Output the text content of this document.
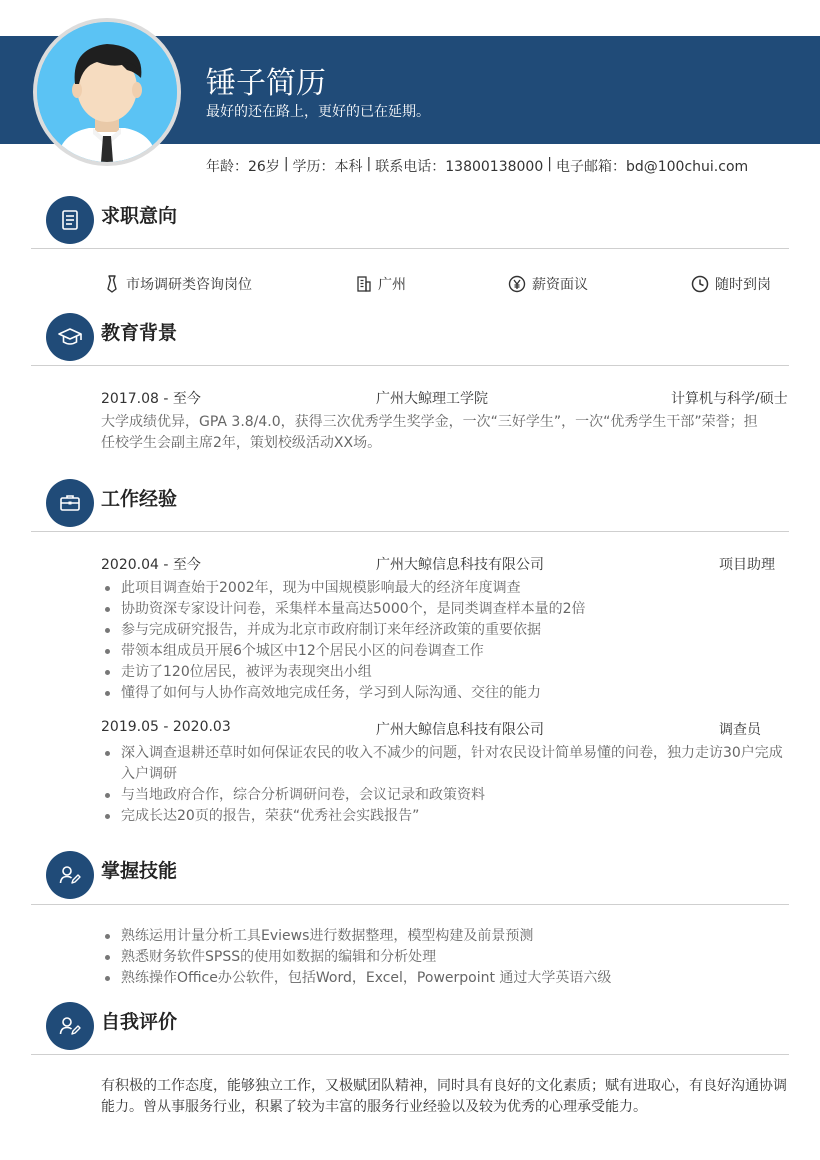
锤子简历
最好的还在路上，更好的已在延期。
年龄：26岁 | 学历：本科 | 联系电话：13800138000 | 电子邮箱：bd@100chui.com
求职意向
市场调研类咨询岗位	广州	薪资面议	随时到岗
教育背景
2017.08 - 至今	广州大鲸理工学院	计算机与科学/硕士
大学成绩优异，GPA 3.8/4.0，获得三次优秀学生奖学金，一次“三好学生”，一次“优秀学生干部”荣誉；担
任校学生会副主席2年，策划校级活动XX场。
工作经验
2020.04 - 至今	广州大鲸信息科技有限公司	项目助理
此项目调查始于2002年，现为中国规模影响最大的经济年度调查
协助资深专家设计问卷，采集样本量高达5000个，是同类调查样本量的2倍
参与完成研究报告，并成为北京市政府制订来年经济政策的重要依据
带领本组成员开展6个城区中12个居民小区的问卷调查工作
走访了120位居民，被评为表现突出小组
懂得了如何与人协作高效地完成任务，学习到人际沟通、交往的能力
2019.05 - 2020.03	广州大鲸信息科技有限公司	调查员
深入调查退耕还草时如何保证农民的收入不减少的问题，针对农民设计简单易懂的问卷，独力走访30户完成
入户调研
与当地政府合作，综合分析调研问卷，会议记录和政策资料
完成长达20页的报告，荣获“优秀社会实践报告”
掌握技能
熟练运用计量分析工具Eviews进行数据整理，模型构建及前景预测
熟悉财务软件SPSS的使用如数据的编辑和分析处理
熟练操作Office办公软件，包括Word，Excel，Powerpoint 通过大学英语六级
自我评价
有积极的工作态度，能够独立工作，又极赋团队精神，同时具有良好的文化素质；赋有进取心，有良好沟通协调
能力。曾从事服务行业，积累了较为丰富的服务行业经验以及较为优秀的心理承受能力。
